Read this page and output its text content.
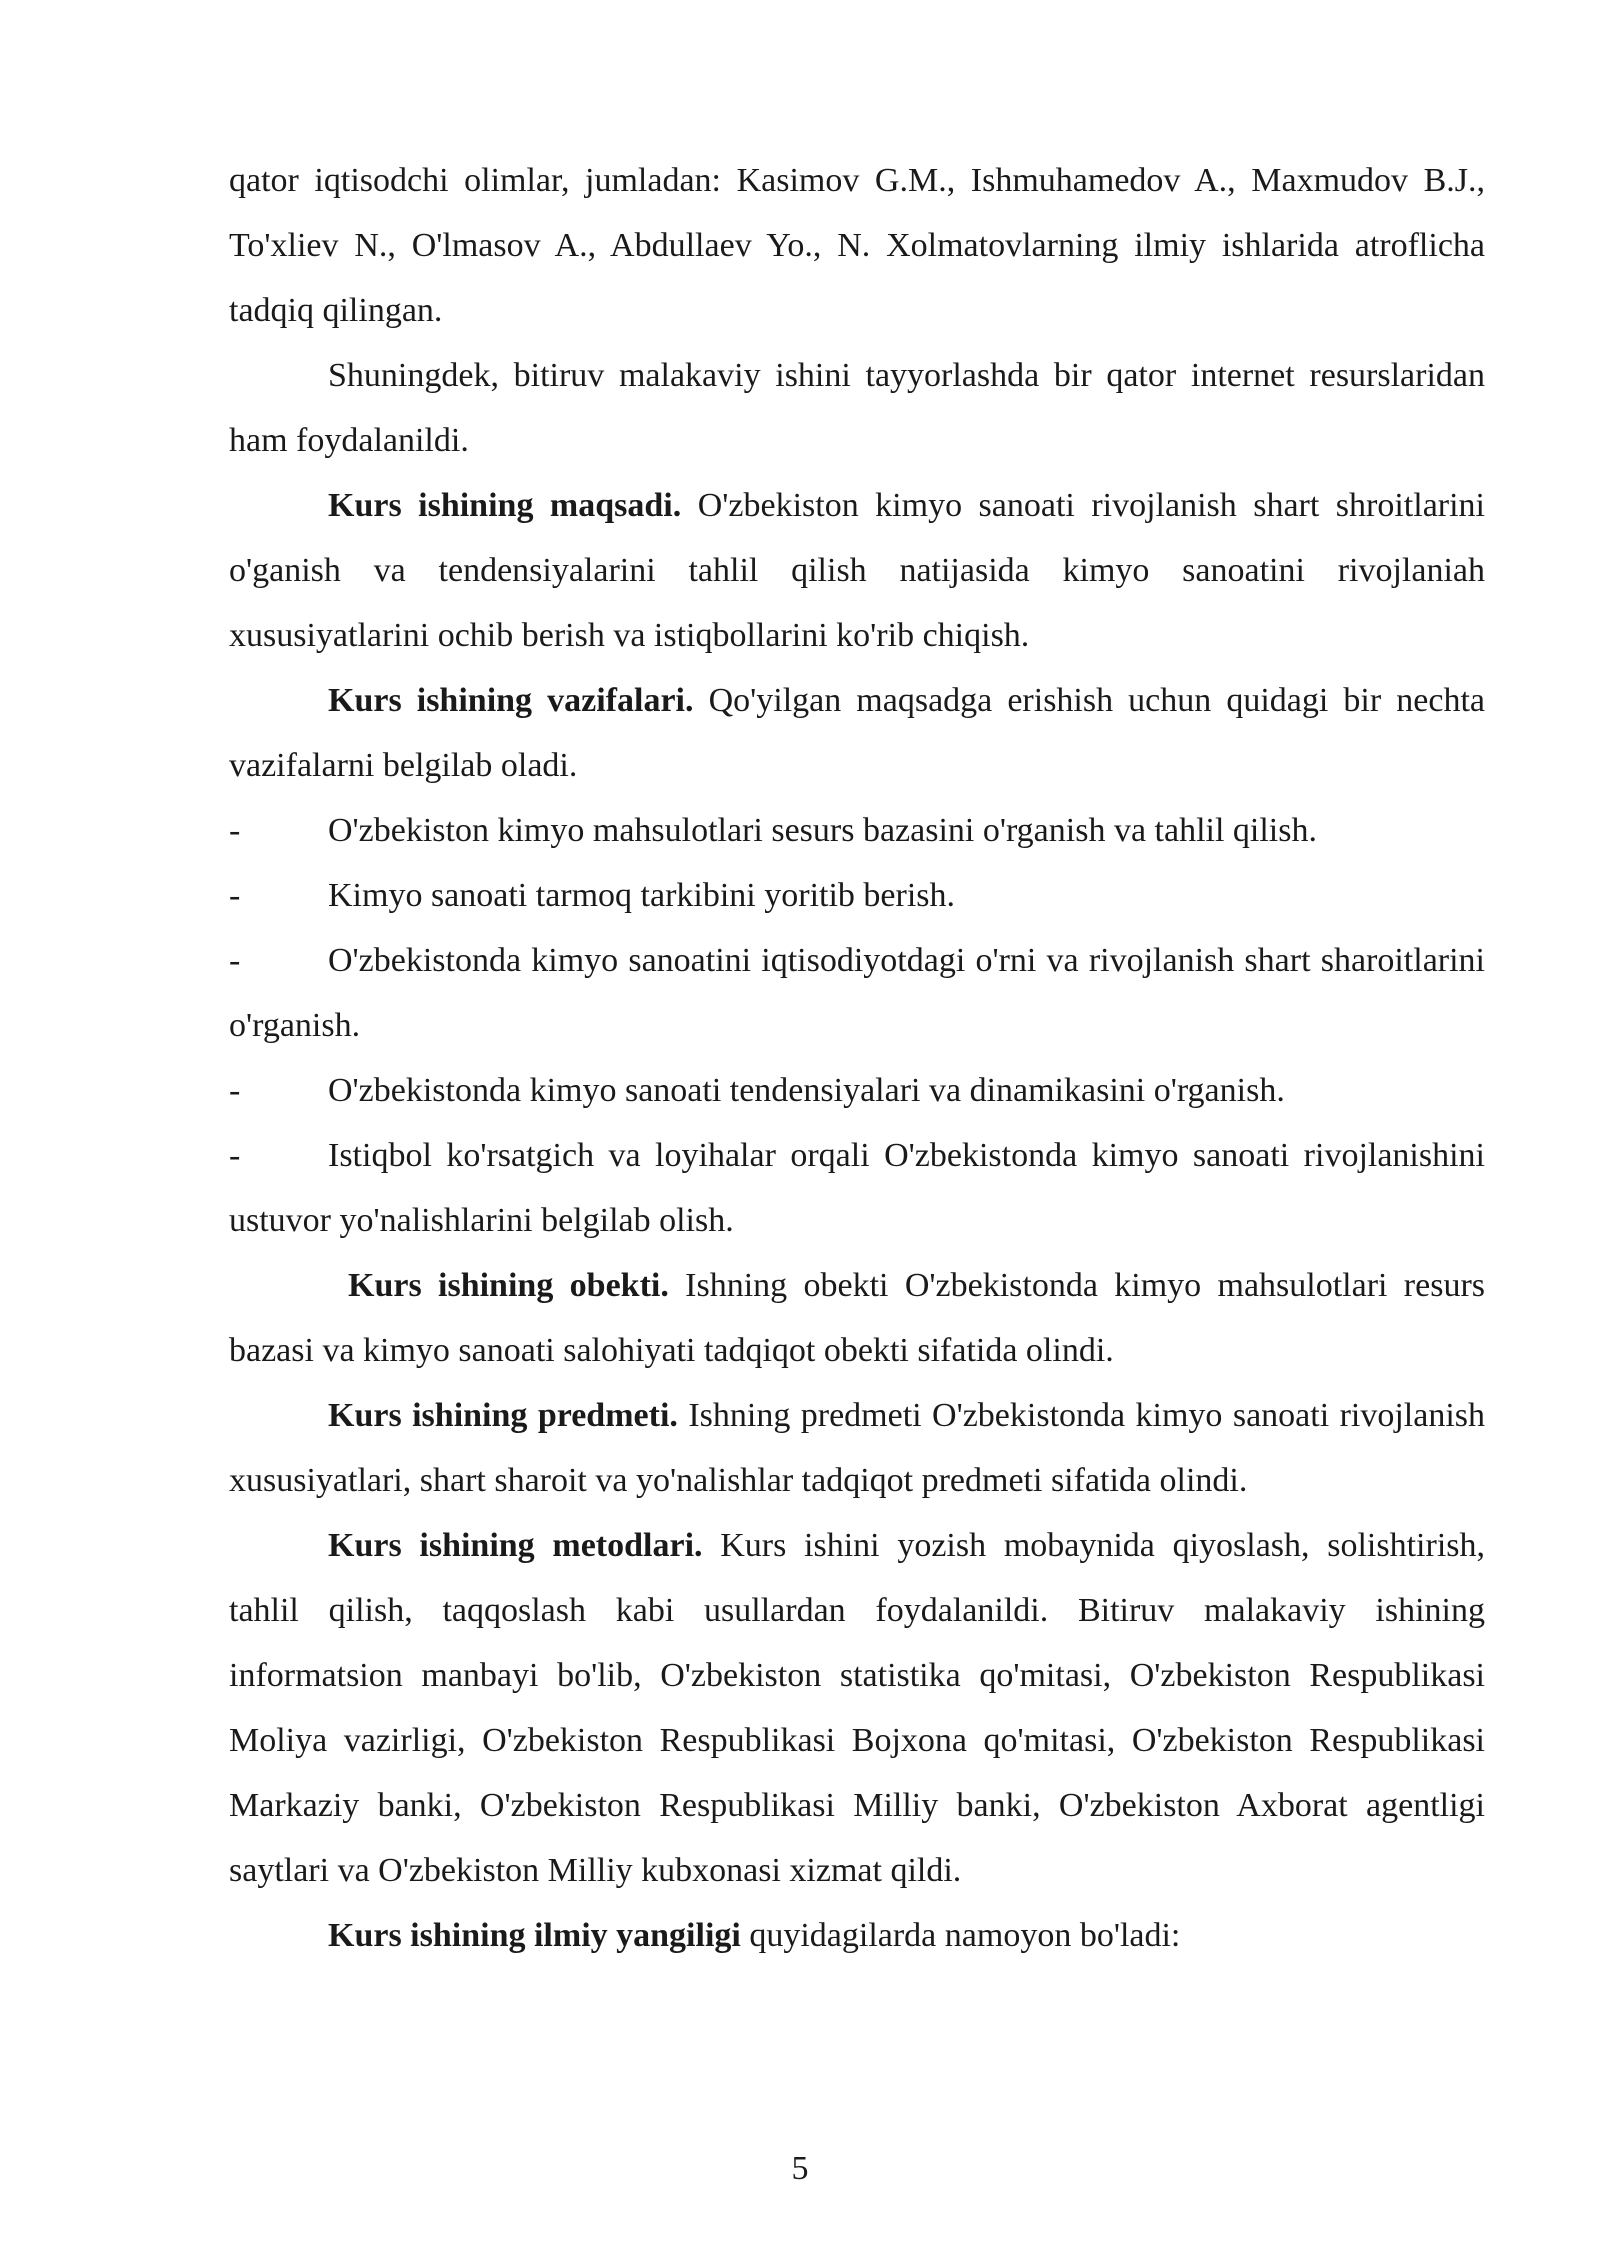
qator iqtisodchi olimlar, jumladan: Kasimov G.M., Ishmuhamedov A., Maxmudov B.J., To'xliev N., O'lmasov A., Abdullaev Yo., N. Xolmatovlarning ilmiy ishlarida atroflicha tadqiq qilingan.

Shuningdek, bitiruv malakaviy ishini tayyorlashda bir qator internet resurslaridan ham foydalanildi.

Kurs ishining maqsadi. O'zbekiston kimyo sanoati rivojlanish shart shroitlarini o'ganish va tendensiyalarini tahlil qilish natijasida kimyo sanoatini rivojlaniah xususiyatlarini ochib berish va istiqbollarini ko'rib chiqish.

Kurs ishining vazifalari. Qo'yilgan maqsadga erishish uchun quidagi bir nechta vazifalarni belgilab oladi.

-	O'zbekiston kimyo mahsulotlari sesurs bazasini o'rganish va tahlil qilish.

-	Kimyo sanoati tarmoq tarkibini yoritib berish.

-	O'zbekistonda kimyo sanoatini iqtisodiyotdagi o'rni va rivojlanish shart sharoitlarini o'rganish.

-	O'zbekistonda kimyo sanoati tendensiyalari va dinamikasini o'rganish.

-	Istiqbol ko'rsatgich va loyihalar orqali O'zbekistonda kimyo sanoati rivojlanishini ustuvor yo'nalishlarini belgilab olish.

Kurs ishining obekti. Ishning obekti O'zbekistonda kimyo mahsulotlari resurs bazasi va kimyo sanoati salohiyati tadqiqot obekti sifatida olindi.

Kurs ishining predmeti. Ishning predmeti O'zbekistonda kimyo sanoati rivojlanish xususiyatlari, shart sharoit va yo'nalishlar tadqiqot predmeti sifatida olindi.

Kurs ishining metodlari. Kurs ishini yozish mobaynida qiyoslash, solishtirish, tahlil qilish, taqqoslash kabi usullardan foydalanildi. Bitiruv malakaviy ishining informatsion manbayi bo'lib, O'zbekiston statistika qo'mitasi, O'zbekiston Respublikasi Moliya vazirligi, O'zbekiston Respublikasi Bojxona qo'mitasi, O'zbekiston Respublikasi Markaziy banki, O'zbekiston Respublikasi Milliy banki, O'zbekiston Axborat agentligi saytlari va O'zbekiston Milliy kubxonasi xizmat qildi.

Kurs ishining ilmiy yangiligi quyidagilarda namoyon bo'ladi:

5
